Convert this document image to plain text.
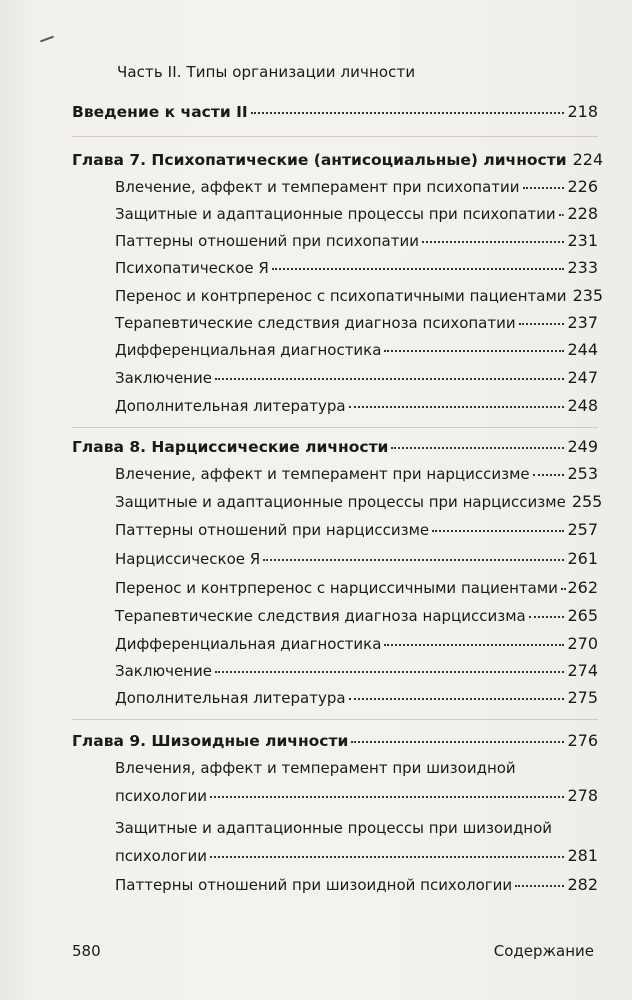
Часть II. Типы организации личности
Введение к части II	218
Глава 7. Психопатические (антисоциальные) личности 224
Влечение, аффект и темперамент при психопатии	226
Защитные и адаптационные процессы при психопатии 228
Паттерны отношений при психопатии	231
Психопатическое Я	233
Перенос и контрперенос с психопатичными пациентами 235
Терапевтические следствия диагноза психопатии	237
Дифференциальная диагностика	244
Заключение	247
Дополнительная литература	248
Глава 8. Нарциссические личности	249
Влечение, аффект и темперамент при нарциссизме 253
Защитные и адаптационные процессы при нарциссизме 255
Паттерны отношений при нарциссизме	257
Нарциссическое Я	261
Перенос и контрперенос с нарциссичными пациентами 262
Терапевтические следствия диагноза нарциссизма	265
Дифференциальная диагностика	270
Заключение	274
Дополнительная литература	275
Глава 9. Шизоидные личности	276
Влечения, аффект и темперамент при шизоидной
психологии	278
Защитные и адаптационные процессы при шизоидной
психологии	281
Паттерны отношений при шизоидной психологии	282
580	Содержание
